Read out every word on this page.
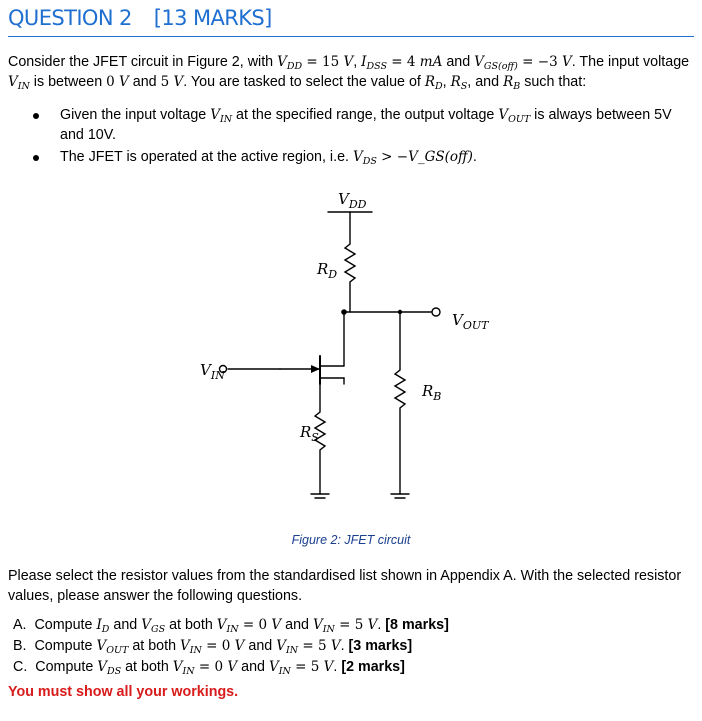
QUESTION 2 [13 MARKS]
Consider the JFET circuit in Figure 2, with $V_{DD} = 15$ V, $I_{DSS} = 4$ mA and $V_{GS(off)} = -3$ V. The input voltage $V_{IN}$ is between 0 V and 5 V. You are tasked to select the value of $R_D$, $R_S$, and $R_B$ such that:
Given the input voltage $V_{IN}$ at the specified range, the output voltage $V_{OUT}$ is always between 5V and 10V.
The JFET is operated at the active region, i.e. $V_{DS}$ > −V_GS(off).
$V_{DD}$
$R_D$
$V_{OUT}$
$V_{IN}$
$R_B$
$R_S$
Figure 2: JFET circuit
Please select the resistor values from the standardised list shown in Appendix A. With the selected resistor values, please answer the following questions.
A. Compute $I_D$ and $V_{GS}$ at both $V_{IN} = 0$ V and $V_{IN} = 5$ V. [8 marks]
B. Compute $V_{OUT}$ at both $V_{IN} = 0$ V and $V_{IN} = 5$ V. [3 marks]
C. Compute $V_{DS}$ at both $V_{IN} = 0$ V and $V_{IN} = 5$ V. [2 marks]
You must show all your workings.
